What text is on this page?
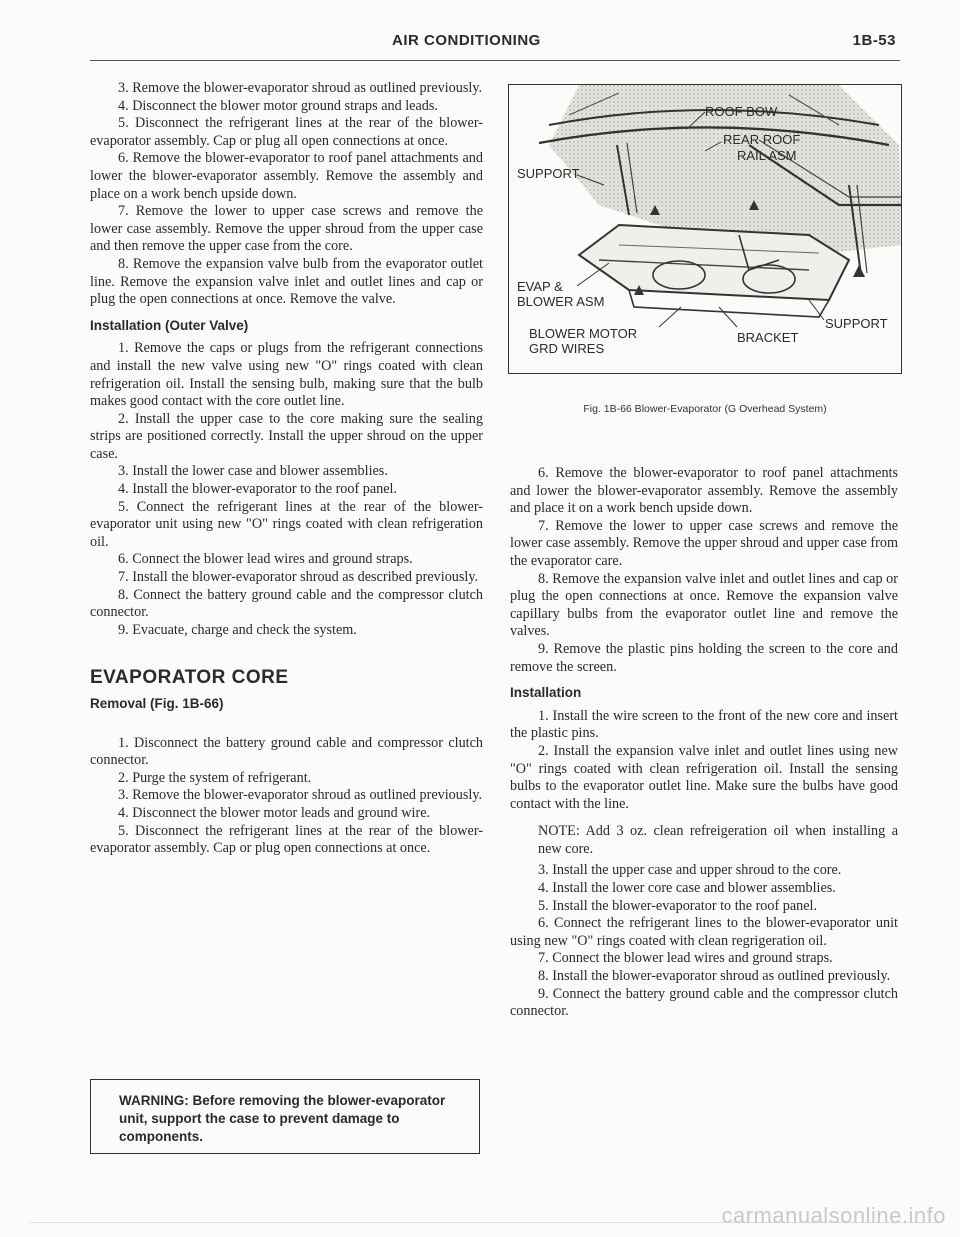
AIR CONDITIONING	1B-53

3. Remove the blower-evaporator shroud as outlined previously.

4. Disconnect the blower motor ground straps and leads.

5. Disconnect the refrigerant lines at the rear of the blower-evaporator assembly. Cap or plug all open connections at once.

6. Remove the blower-evaporator to roof panel attachments and lower the blower-evaporator assembly. Remove the assembly and place on a work bench upside down.

7. Remove the lower to upper case screws and remove the lower case assembly. Remove the upper shroud from the upper case and then remove the upper case from the core.

8. Remove the expansion valve bulb from the evaporator outlet line. Remove the expansion valve inlet and outlet lines and cap or plug the open connections at once. Remove the valve.

Installation (Outer Valve)

1. Remove the caps or plugs from the refrigerant connections and install the new valve using new "O" rings coated with clean refrigeration oil. Install the sensing bulb, making sure that the bulb makes good contact with the core outlet line.

2. Install the upper case to the core making sure the sealing strips are positioned correctly. Install the upper shroud on the upper case.

3. Install the lower case and blower assemblies.

4. Install the blower-evaporator to the roof panel.

5. Connect the refrigerant lines at the rear of the blower-evaporator unit using new "O" rings coated with clean refrigeration oil.

6. Connect the blower lead wires and ground straps.

7. Install the blower-evaporator shroud as described previously.

8. Connect the battery ground cable and the compressor clutch connector.

9. Evacuate, charge and check the system.

EVAPORATOR CORE
Removal (Fig. 1B-66)

1. Disconnect the battery ground cable and compressor clutch connector.

2. Purge the system of refrigerant.

3. Remove the blower-evaporator shroud as outlined previously.

4. Disconnect the blower motor leads and ground wire.

5. Disconnect the refrigerant lines at the rear of the blower-evaporator assembly. Cap or plug open connections at once.

WARNING: Before removing the blower-evaporator unit, support the case to prevent damage to components.
ROOF BOW
REAR ROOF
RAIL ASM
SUPPORT
EVAP &
BLOWER ASM
BLOWER MOTOR
GRD WIRES
BRACKET
SUPPORT
Fig. 1B-66 Blower-Evaporator (G Overhead System)

6. Remove the blower-evaporator to roof panel attachments and lower the blower-evaporator assembly. Remove the assembly and place it on a work bench upside down.

7. Remove the lower to upper case screws and remove the lower case assembly. Remove the upper shroud and upper case from the evaporator care.

8. Remove the expansion valve inlet and outlet lines and cap or plug the open connections at once. Remove the expansion valve capillary bulbs from the evaporator outlet line and remove the valves.

9. Remove the plastic pins holding the screen to the core and remove the screen.

Installation

1. Install the wire screen to the front of the new core and insert the plastic pins.

2. Install the expansion valve inlet and outlet lines using new "O" rings coated with clean refrigeration oil. Install the sensing bulbs to the evaporator outlet line. Make sure the bulbs have good contact with the line.

NOTE: Add 3 oz. clean refreigeration oil when installing a new core.

3. Install the upper case and upper shroud to the core.

4. Install the lower core case and blower assemblies.

5. Install the blower-evaporator to the roof panel.

6. Connect the refrigerant lines to the blower-evaporator unit using new "O" rings coated with clean regrigeration oil.

7. Connect the blower lead wires and ground straps.

8. Install the blower-evaporator shroud as outlined previously.

9. Connect the battery ground cable and the compressor clutch connector.

carmanualsonline.info
